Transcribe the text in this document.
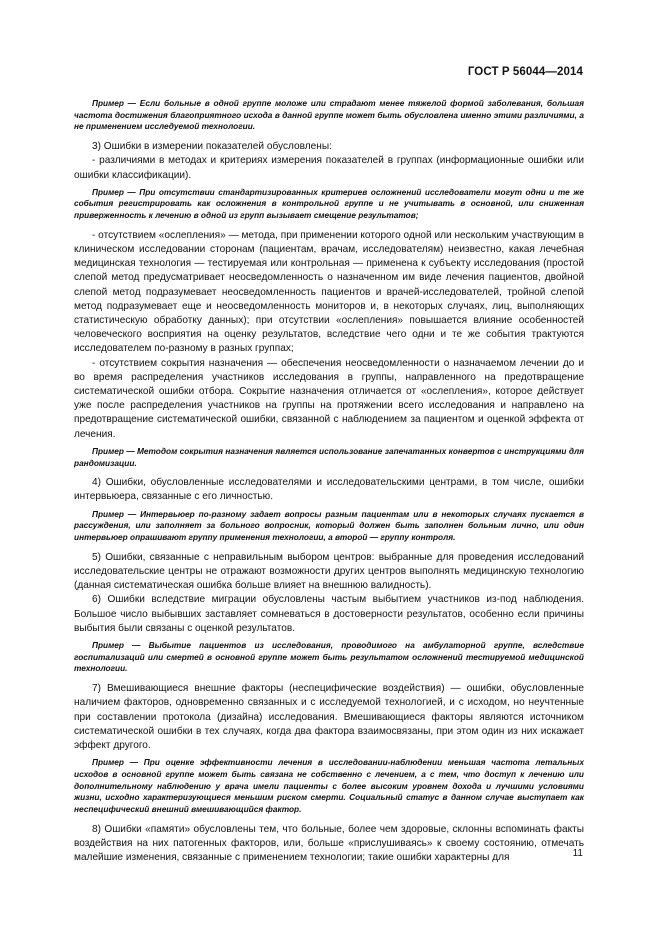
ГОСТ Р 56044—2014

Пример — Если больные в одной группе моложе или страдают менее тяжелой формой заболевания, большая частота достижения благоприятного исхода в данной группе может быть обусловлена именно этими различиями, а не применением исследуемой технологии.

3) Ошибки в измерении показателей обусловлены:

- различиями в методах и критериях измерения показателей в группах (информационные ошибки или ошибки классификации).

Пример — При отсутствии стандартизированных критериев осложнений исследователи могут одни и те же события регистрировать как осложнения в контрольной группе и не учитывать в основной, или сниженная приверженность к лечению в одной из групп вызывает смещение результатов;

- отсутствием «ослепления» — метода, при применении которого одной или нескольким участвующим в клиническом исследовании сторонам (пациентам, врачам, исследователям) неизвестно, какая лечебная медицинская технология — тестируемая или контрольная — применена к субъекту исследования (простой слепой метод предусматривает неосведомленность о назначенном им виде лечения пациентов, двойной слепой метод подразумевает неосведомленность пациентов и врачей-исследователей, тройной слепой метод подразумевает еще и неосведомленность мониторов и, в некоторых случаях, лиц, выполняющих статистическую обработку данных); при отсутствии «ослепления» повышается влияние особенностей человеческого восприятия на оценку результатов, вследствие чего одни и те же события трактуются исследователем по-разному в разных группах;

- отсутствием сокрытия назначения — обеспечения неосведомленности о назначаемом лечении до и во время распределения участников исследования в группы, направленного на предотвращение систематической ошибки отбора. Сокрытие назначения отличается от «ослепления», которое действует уже после распределения участников на группы на протяжении всего исследования и направлено на предотвращение систематической ошибки, связанной с наблюдением за пациентом и оценкой эффекта от лечения.

Пример — Методом сокрытия назначения является использование запечатанных конвертов с инструкциями для рандомизации.

4) Ошибки, обусловленные исследователями и исследовательскими центрами, в том числе, ошибки интервьюера, связанные с его личностью.

Пример — Интервьюер по-разному задает вопросы разным пациентам или в некоторых случаях пускается в рассуждения, или заполняет за больного вопросник, который должен быть заполнен больным лично, или один интервьюер опрашивают группу применения технологии, а второй — группу контроля.

5) Ошибки, связанные с неправильным выбором центров: выбранные для проведения исследований исследовательские центры не отражают возможности других центров выполнять медицинскую технологию (данная систематическая ошибка больше влияет на внешнюю валидность).

6) Ошибки вследствие миграции обусловлены частым выбытием участников из-под наблюдения. Большое число выбывших заставляет сомневаться в достоверности результатов, особенно если причины выбытия были связаны с оценкой результатов.

Пример — Выбытие пациентов из исследования, проводимого на амбулаторной группе, вследствие госпитализаций или смертей в основной группе может быть результатом осложнений тестируемой медицинской технологии.

7) Вмешивающиеся внешние факторы (неспецифические воздействия) — ошибки, обусловленные наличием факторов, одновременно связанных и с исследуемой технологией, и с исходом, но неучтенные при составлении протокола (дизайна) исследования. Вмешивающиеся факторы являются источником систематической ошибки в тех случаях, когда два фактора взаимосвязаны, при этом один из них искажает эффект другого.

Пример — При оценке эффективности лечения в исследовании-наблюдении меньшая частота летальных исходов в основной группе может быть связана не собственно с лечением, а с тем, что доступ к лечению или дополнительному наблюдению у врача имели пациенты с более высоким уровнем дохода и лучшими условиями жизни, исходно характеризующиеся меньшим риском смерти. Социальный статус в данном случае выступает как неспецифический внешний вмешивающийся фактор.

8) Ошибки «памяти» обусловлены тем, что больные, более чем здоровые, склонны вспоминать факты воздействия на них патогенных факторов, или, больше «прислушиваясь» к своему состоянию, отмечать малейшие изменения, связанные с применением технологии; такие ошибки характерны для	11
